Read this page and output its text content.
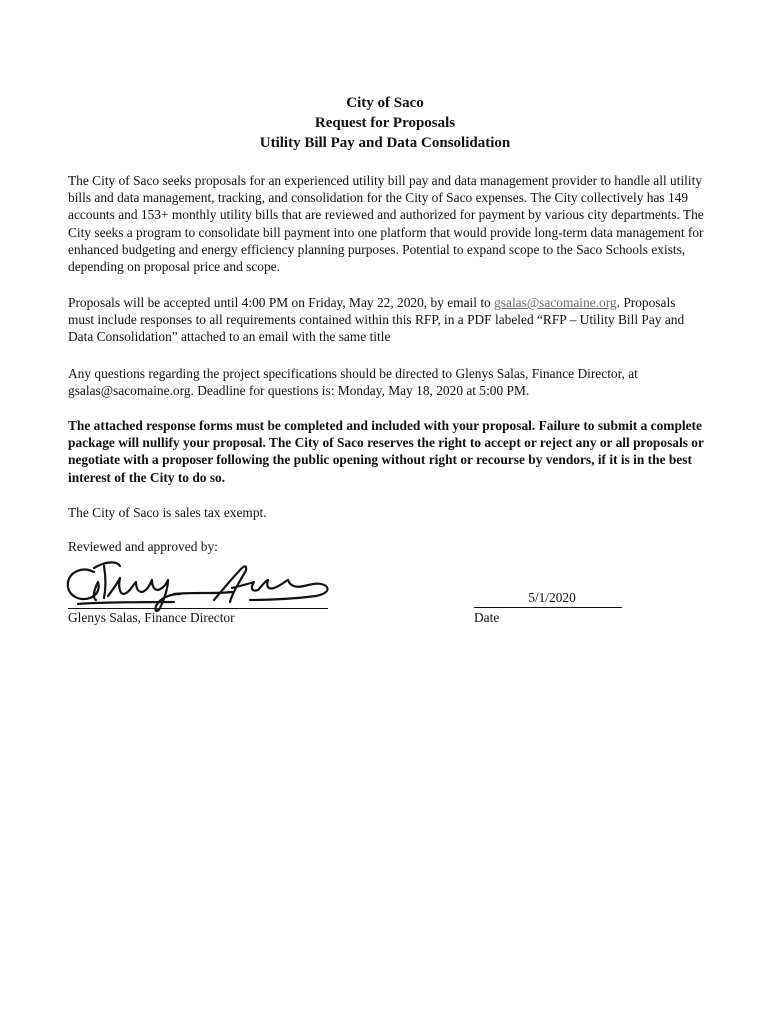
City of Saco
Request for Proposals
Utility Bill Pay and Data Consolidation

The City of Saco seeks proposals for an experienced utility bill pay and data management provider to handle all utility bills and data management, tracking, and consolidation for the City of Saco expenses. The City collectively has 149 accounts and 153+ monthly utility bills that are reviewed and authorized for payment by various city departments. The City seeks a program to consolidate bill payment into one platform that would provide long-term data management for enhanced budgeting and energy efficiency planning purposes. Potential to expand scope to the Saco Schools exists, depending on proposal price and scope.

Proposals will be accepted until 4:00 PM on Friday, May 22, 2020, by email to gsalas@sacomaine.org. Proposals must include responses to all requirements contained within this RFP, in a PDF labeled “RFP – Utility Bill Pay and Data Consolidation” attached to an email with the same title

Any questions regarding the project specifications should be directed to Glenys Salas, Finance Director, at gsalas@sacomaine.org. Deadline for questions is: Monday, May 18, 2020 at 5:00 PM.

The attached response forms must be completed and included with your proposal. Failure to submit a complete package will nullify your proposal. The City of Saco reserves the right to accept or reject any or all proposals or negotiate with a proposer following the public opening without right or recourse by vendors, if it is in the best interest of the City to do so.

The City of Saco is sales tax exempt.

Reviewed and approved by:

Glenys Salas, Finance Director
5/1/2020
Date
